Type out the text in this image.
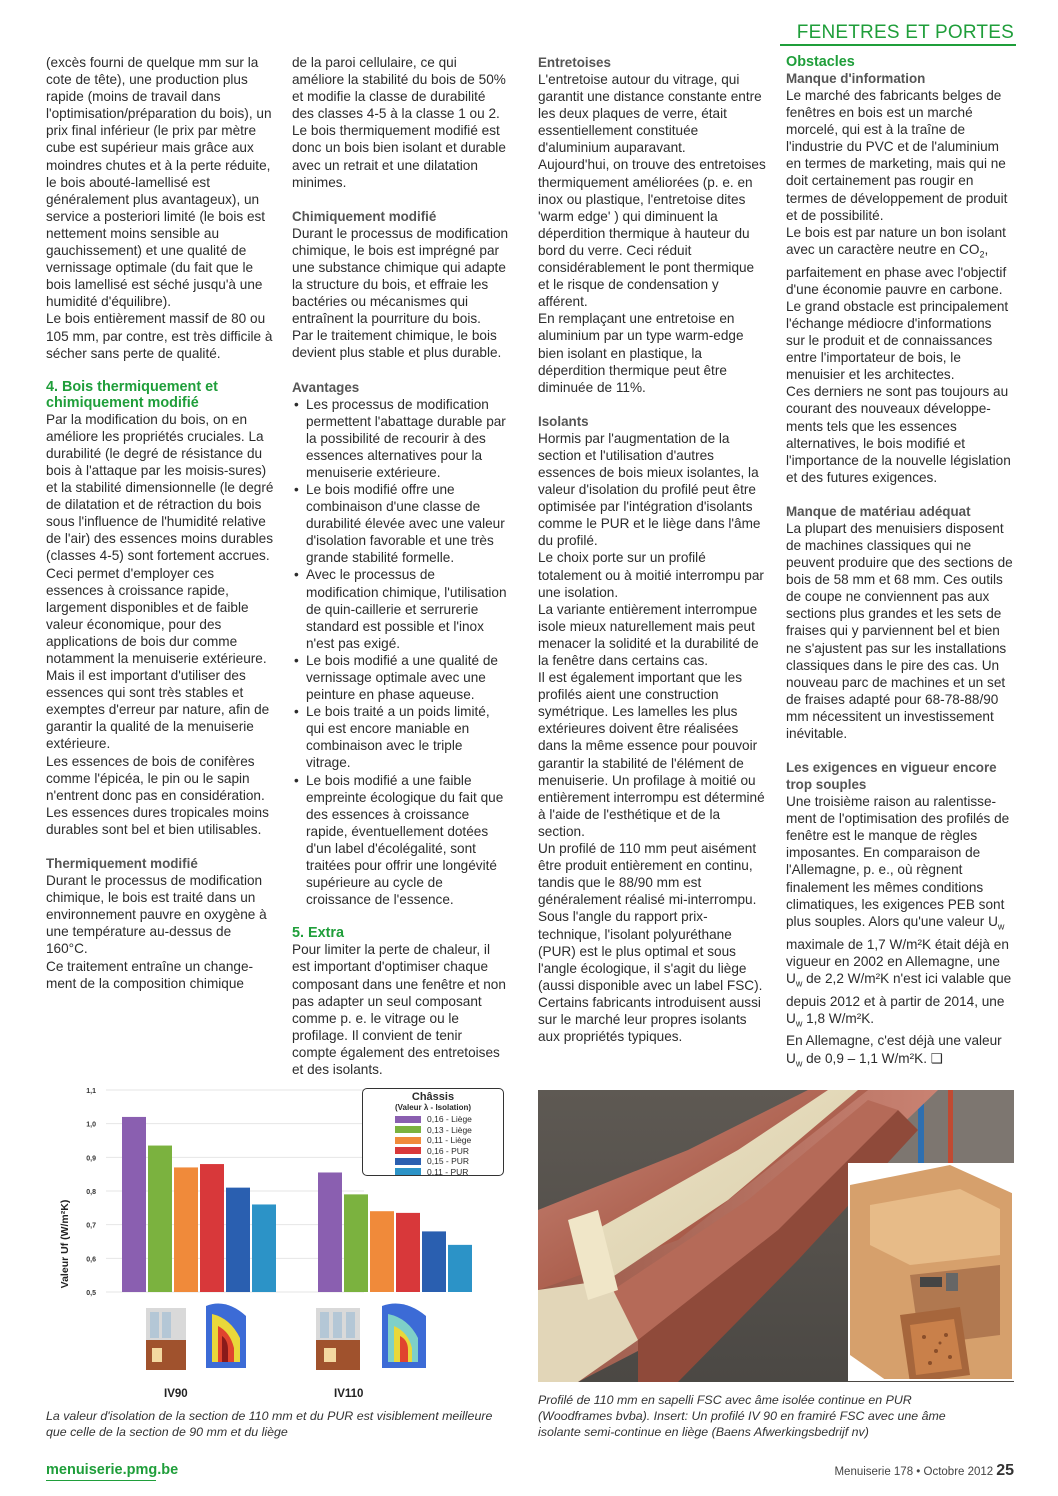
FENETRES ET PORTES

(excès fourni de quelque mm sur la cote de tête), une production plus rapide (moins de travail dans l'optimisation/préparation du bois), un prix final inférieur (le prix par mètre cube est supérieur mais grâce aux moindres chutes et à la perte réduite, le bois abouté-lamellisé est généralement plus avantageux), un service a posteriori limité (le bois est nettement moins sensible au gauchissement) et une qualité de vernissage optimale (du fait que le bois lamellisé est séché jusqu'à une humidité d'équilibre).

Le bois entièrement massif de 80 ou 105 mm, par contre, est très difficile à sécher sans perte de qualité.

4. Bois thermiquement et chimiquement modifié

Par la modification du bois, on en améliore les propriétés cruciales. La durabilité (le degré de résistance du bois à l'attaque par les moisis-sures) et la stabilité dimensionnelle (le degré de dilatation et de rétraction du bois sous l'influence de l'humidité relative de l'air) des essences moins durables (classes 4-5) sont fortement accrues. Ceci permet d'employer ces essences à croissance rapide, largement disponibles et de faible valeur économique, pour des applications de bois dur comme notamment la menuiserie extérieure. Mais il est important d'utiliser des essences qui sont très stables et exemptes d'erreur par nature, afin de garantir la qualité de la menuiserie extérieure.

Les essences de bois de conifères comme l'épicéa, le pin ou le sapin n'entrent donc pas en considération. Les essences dures tropicales moins durables sont bel et bien utilisables.

Thermiquement modifié

Durant le processus de modification chimique, le bois est traité dans un environnement pauvre en oxygène à une température au-dessus de 160°C.

Ce traitement entraîne un change-ment de la composition chimique

de la paroi cellulaire, ce qui améliore la stabilité du bois de 50% et modifie la classe de durabilité des classes 4-5 à la classe 1 ou 2.

Le bois thermiquement modifié est donc un bois bien isolant et durable avec un retrait et une dilatation minimes.

Chimiquement modifié

Durant le processus de modification chimique, le bois est imprégné par une substance chimique qui adapte la structure du bois, et effraie les bactéries ou mécanismes qui entraînent la pourriture du bois.

Par le traitement chimique, le bois devient plus stable et plus durable.

Avantages

• Les processus de modification permettent l'abattage durable par la possibilité de recourir à des essences alternatives pour la menuiserie extérieure.
• Le bois modifié offre une combinaison d'une classe de durabilité élevée avec une valeur d'isolation favorable et une très grande stabilité formelle.
• Avec le processus de modification chimique, l'utilisation de quin-caillerie et serrurerie standard est possible et l'inox n'est pas exigé.
• Le bois modifié a une qualité de vernissage optimale avec une peinture en phase aqueuse.
• Le bois traité a un poids limité, qui est encore maniable en combinaison avec le triple vitrage.
• Le bois modifié a une faible empreinte écologique du fait que des essences à croissance rapide, éventuellement dotées d'un label d'écolégalité, sont traitées pour offrir une longévité supérieure au cycle de croissance de l'essence.

5. Extra

Pour limiter la perte de chaleur, il est important d'optimiser chaque composant dans une fenêtre et non pas adapter un seul composant comme p. e. le vitrage ou le profilage. Il convient de tenir compte également des entretoises et des isolants.

Entretoises

L'entretoise autour du vitrage, qui garantit une distance constante entre les deux plaques de verre, était essentiellement constituée d'aluminium auparavant.

Aujourd'hui, on trouve des entretoises thermiquement améliorées (p. e. en inox ou plastique, l'entretoise dites 'warm edge' ) qui diminuent la déperdition thermique à hauteur du bord du verre. Ceci réduit considérablement le pont thermique et le risque de condensation y afférent.

En remplaçant une entretoise en aluminium par un type warm-edge bien isolant en plastique, la déperdition thermique peut être diminuée de 11%.

Isolants

Hormis par l'augmentation de la section et l'utilisation d'autres essences de bois mieux isolantes, la valeur d'isolation du profilé peut être optimisée par l'intégration d'isolants comme le PUR et le liège dans l'âme du profilé.

Le choix porte sur un profilé totalement ou à moitié interrompu par une isolation.

La variante entièrement interrompue isole mieux naturellement mais peut menacer la solidité et la durabilité de la fenêtre dans certains cas.

Il est également important que les profilés aient une construction symétrique. Les lamelles les plus extérieures doivent être réalisées dans la même essence pour pouvoir garantir la stabilité de l'élément de menuiserie. Un profilage à moitié ou entièrement interrompu est déterminé à l'aide de l'esthétique et de la section.

Un profilé de 110 mm peut aisément être produit entièrement en continu, tandis que le 88/90 mm est généralement réalisé mi-interrompu.

Sous l'angle du rapport prix-technique, l'isolant polyuréthane (PUR) est le plus optimal et sous l'angle écologique, il s'agit du liège (aussi disponible avec un label FSC). Certains fabricants introduisent aussi sur le marché leur propres isolants aux propriétés typiques.

Obstacles

Manque d'information

Le marché des fabricants belges de fenêtres en bois est un marché morcelé, qui est à la traîne de l'industrie du PVC et de l'aluminium en termes de marketing, mais qui ne doit certainement pas rougir en termes de développement de produit et de possibilité.

Le bois est par nature un bon isolant avec un caractère neutre en $CO_2$, parfaitement en phase avec l'objectif d'une économie pauvre en carbone.

Le grand obstacle est principalement l'échange médiocre d'informations sur le produit et de connaissances entre l'importateur de bois, le menuisier et les architectes.

Ces derniers ne sont pas toujours au courant des nouveaux développe-ments tels que les essences alternatives, le bois modifié et l'importance de la nouvelle législation et des futures exigences.

Manque de matériau adéquat

La plupart des menuisiers disposent de machines classiques qui ne peuvent produire que des sections de bois de 58 mm et 68 mm. Ces outils de coupe ne conviennent pas aux sections plus grandes et les sets de fraises qui y parviennent bel et bien ne s'ajustent pas sur les installations classiques dans le pire des cas. Un nouveau parc de machines et un set de fraises adapté pour 68-78-88/90 mm nécessitent un investissement inévitable.

Les exigences en vigueur encore trop souples

Une troisième raison au ralentisse-ment de l'optimisation des profilés de fenêtre est le manque de règles imposantes. En comparaison de l'Allemagne, p. e., où règnent finalement les mêmes conditions climatiques, les exigences PEB sont plus souples. Alors qu'une valeur $U_w$ maximale de 1,7 W/m²K était déjà en vigueur en 2002 en Allemagne, une $U_w$ de 2,2 W/m²K n'est ici valable que depuis 2012 et à partir de 2014, une $U_w$ 1,8 W/m²K.

En Allemagne, c'est déjà une valeur $U_w$ de 0,9 – 1,1 W/m²K. ❑

1,1
1,0
0,9
0,8
0,7
0,6
0,5
Valeur Uf (W/m²K)
Châssis
(Valeur λ - Isolation)
0,16 - Liège
0,13 - Liège
0,11 - Liège
0,16 - PUR
0,15 - PUR
0,11 - PUR
IV90	IV110
La valeur d'isolation de la section de 110 mm et du PUR est visiblement meilleure que celle de la section de 90 mm et du liège
Profilé de 110 mm en sapelli FSC avec âme isolée continue en PUR (Woodframes bvba). Insert: Un profilé IV 90 en framiré FSC avec une âme isolante semi-continue en liège (Baens Afwerkingsbedrijf nv)
menuiserie.pmg.be	Menuiserie 178 • Octobre 2012 25
